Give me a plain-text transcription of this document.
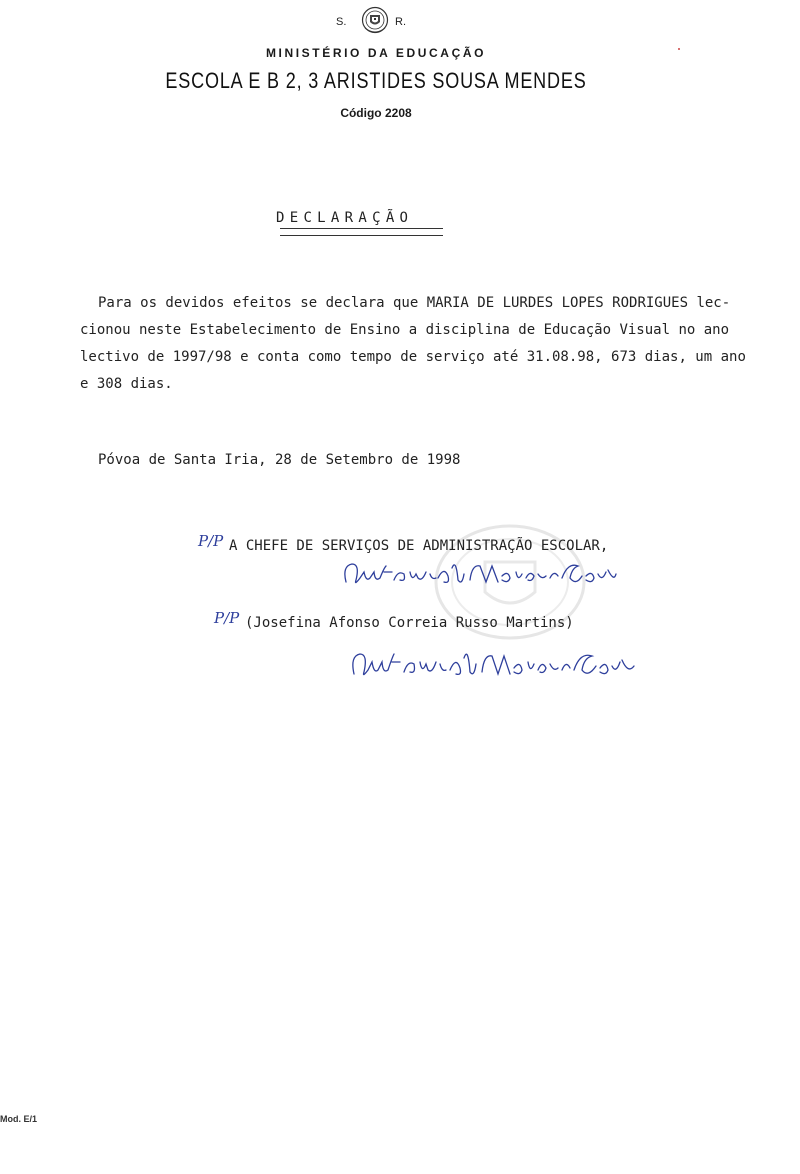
S.	R.
MINISTÉRIO DA EDUCAÇÃO
ESCOLA E B 2, 3 ARISTIDES SOUSA MENDES
Código 2208
DECLARAÇÃO
Para os devidos efeitos se declara que MARIA DE LURDES LOPES RODRIGUES lec-
cionou neste Estabelecimento de Ensino a disciplina de Educação Visual no ano
lectivo de 1997/98 e conta como tempo de serviço até 31.08.98, 673 dias, um ano
e 308 dias.
Póvoa de Santa Iria, 28 de Setembro de 1998
P/P A CHEFE DE SERVIÇOS DE ADMINISTRAÇÃO ESCOLAR,
P/P (Josefina Afonso Correia Russo Martins)
Mod. E/1
